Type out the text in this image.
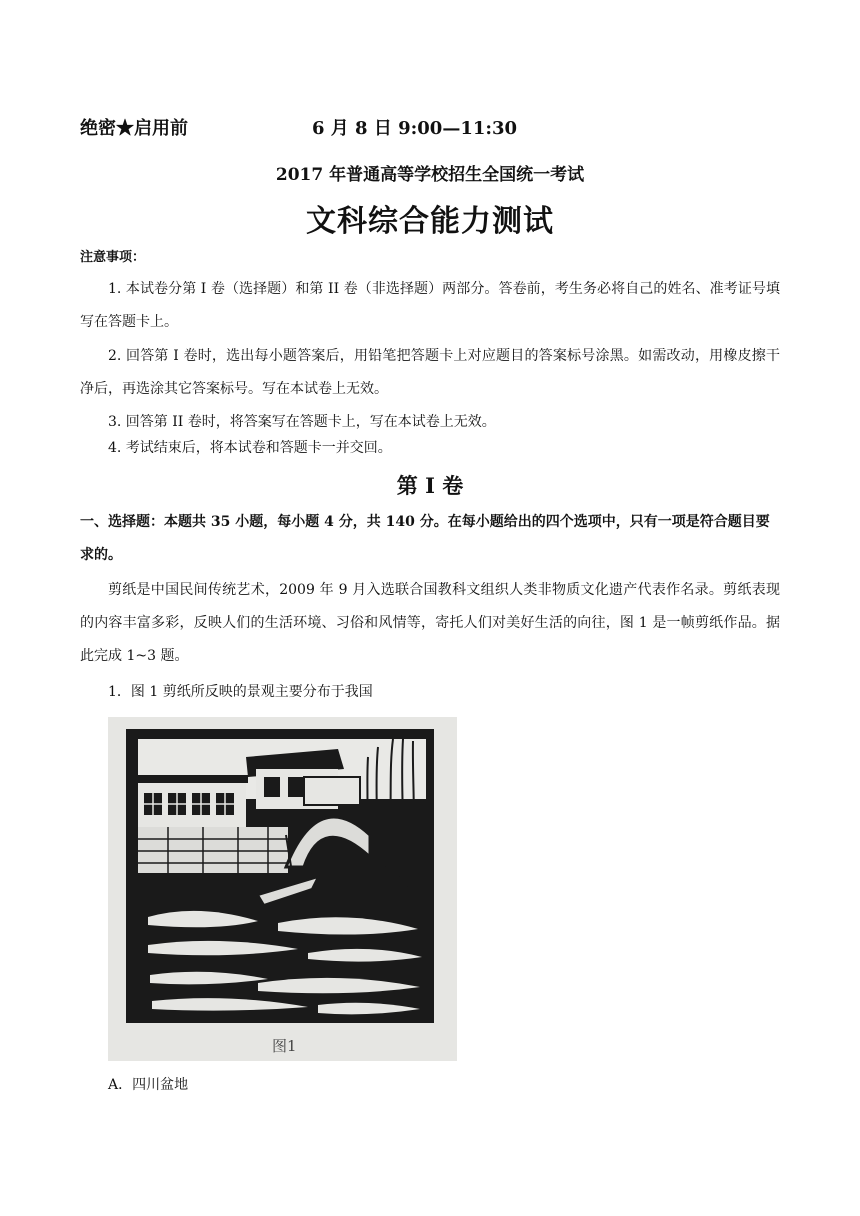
绝密★启用前	6 月 8 日 9:00—11:30
2017 年普通高等学校招生全国统一考试
文科综合能力测试
注意事项：
1. 本试卷分第 I 卷（选择题）和第 II 卷（非选择题）两部分。答卷前，考生务必将自己的姓名、准考证号填写在答题卡上。
2. 回答第 I 卷时，选出每小题答案后，用铅笔把答题卡上对应题目的答案标号涂黑。如需改动，用橡皮擦干净后，再选涂其它答案标号。写在本试卷上无效。
3. 回答第 II 卷时，将答案写在答题卡上，写在本试卷上无效。
4. 考试结束后，将本试卷和答题卡一并交回。
第 I 卷
一、选择题：本题共 35 小题，每小题 4 分，共 140 分。在每小题给出的四个选项中，只有一项是符合题目要求的。
剪纸是中国民间传统艺术，2009 年 9 月入选联合国教科文组织人类非物质文化遗产代表作名录。剪纸表现的内容丰富多彩，反映人们的生活环境、习俗和风情等，寄托人们对美好生活的向往，图 1 是一帧剪纸作品。据此完成 1~3 题。
1．图 1 剪纸所反映的景观主要分布于我国
图1
A．四川盆地
